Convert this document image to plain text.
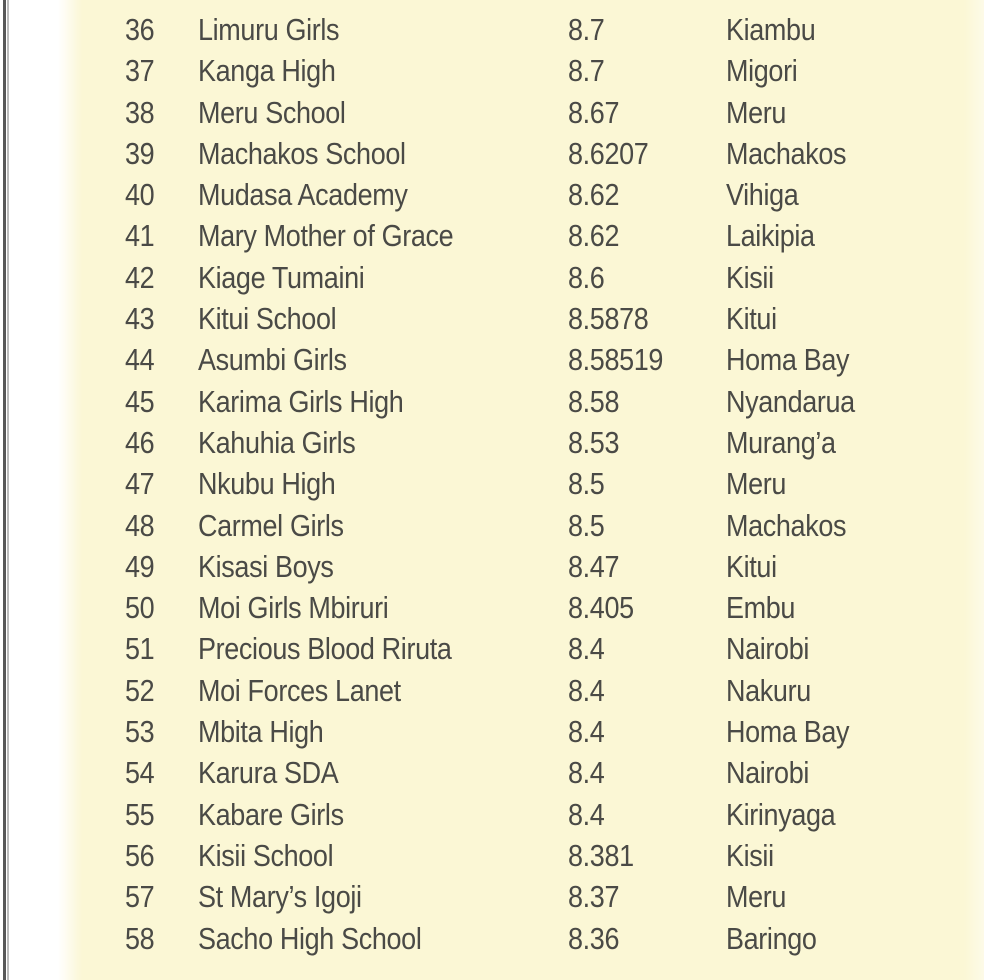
36	Limuru Girls	8.7	Kiambu
37	Kanga High	8.7	Migori
38	Meru School	8.67	Meru
39	Machakos School	8.6207	Machakos
40	Mudasa Academy	8.62	Vihiga
41	Mary Mother of Grace	8.62	Laikipia
42	Kiage Tumaini	8.6	Kisii
43	Kitui School	8.5878	Kitui
44	Asumbi Girls	8.58519	Homa Bay
45	Karima Girls High	8.58	Nyandarua
46	Kahuhia Girls	8.53	Murang’a
47	Nkubu High	8.5	Meru
48	Carmel Girls	8.5	Machakos
49	Kisasi Boys	8.47	Kitui
50	Moi Girls Mbiruri	8.405	Embu
51	Precious Blood Riruta	8.4	Nairobi
52	Moi Forces Lanet	8.4	Nakuru
53	Mbita High	8.4	Homa Bay
54	Karura SDA	8.4	Nairobi
55	Kabare Girls	8.4	Kirinyaga
56	Kisii School	8.381	Kisii
57	St Mary’s Igoji	8.37	Meru
58	Sacho High School	8.36	Baringo
